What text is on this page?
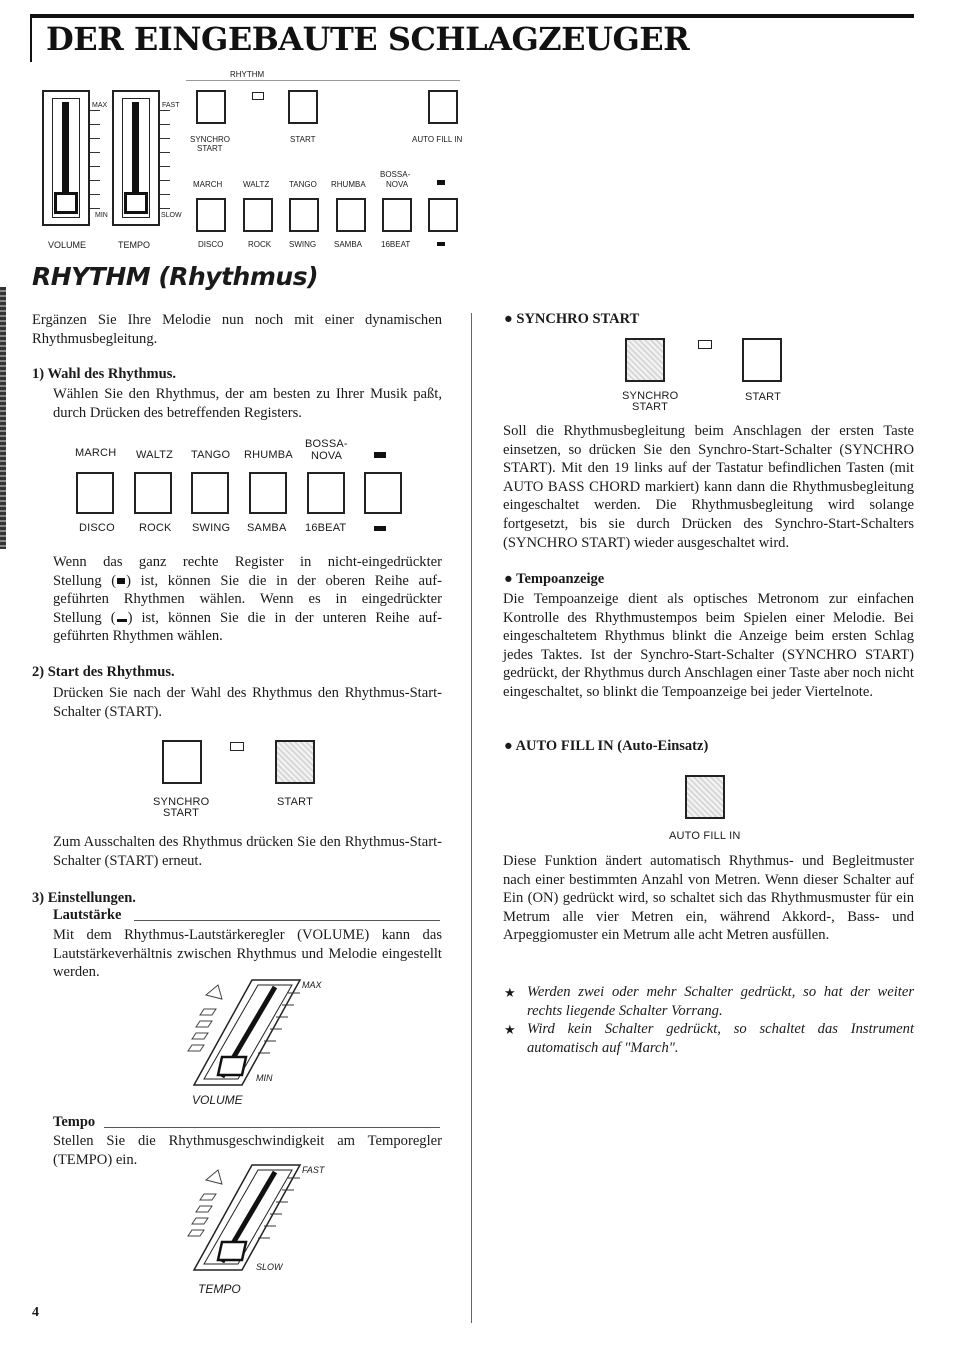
DER EINGEBAUTE SCHLAGZEUGER
RHYTHM
MAX
MIN
FAST
SLOW
VOLUME	TEMPO
SYNCHRO
START
START	AUTO FILL IN
MARCH	WALTZ TANGO RHUMBA
BOSSA-
NOVA
DISCO	ROCK SWING SAMBA 16BEAT
RHYTHM (Rhythmus)
Ergänzen Sie Ihre Melodie nun noch mit einer dynamischen Rhythmusbegleitung.
1) Wahl des Rhythmus.
Wählen Sie den Rhythmus, der am besten zu Ihrer Musik paßt, durch Drücken des betreffenden Registers.
MARCH WALTZ TANGO RHUMBA
BOSSA-
NOVA
DISCO ROCK SWING SAMBA 16BEAT

Wenn das ganz rechte Register in nicht-eingedrückter

Stellung ( ) ist, können Sie die in der oberen Reihe auf-

geführten Rhythmen wählen. Wenn es in eingedrückter

Stellung ( ) ist, können Sie die in der unteren Reihe auf-

geführten Rhythmen wählen.

2) Start des Rhythmus.
Drücken Sie nach der Wahl des Rhythmus den Rhythmus-Start-Schalter (START).
SYNCHRO
START
START
Zum Ausschalten des Rhythmus drücken Sie den Rhythmus-Start-Schalter (START) erneut.
3) Einstellungen.
Lautstärke
Mit dem Rhythmus-Lautstärkeregler (VOLUME) kann das Lautstärkeverhältnis zwischen Rhythmus und Melodie eingestellt werden.
MAX
MIN
VOLUME
Tempo
Stellen Sie die Rhythmusgeschwindigkeit am Temporegler (TEMPO) ein.
FAST
SLOW
TEMPO
● SYNCHRO START
SYNCHRO
START
START
Soll die Rhythmusbegleitung beim Anschlagen der ersten Taste einsetzen, so drücken Sie den Synchro-Start-Schalter (SYNCHRO START). Mit den 19 links auf der Tastatur befindlichen Tasten (mit AUTO BASS CHORD markiert) kann dann die Rhythmusbegleitung eingeschaltet werden. Die Rhythmusbegleitung wird solange fortgesetzt, bis sie durch Drücken des Synchro-Start-Schalters (SYNCHRO START) wieder ausgeschaltet wird.
● Tempoanzeige
Die Tempoanzeige dient als optisches Metronom zur einfachen Kontrolle des Rhythmustempos beim Spielen einer Melodie. Bei eingeschaltetem Rhythmus blinkt die Anzeige beim ersten Schlag jedes Taktes. Ist der Synchro-Start-Schalter (SYNCHRO START) gedrückt, der Rhythmus durch Anschlagen einer Taste aber noch nicht eingeschaltet, so blinkt die Tempoanzeige bei jeder Viertelnote.
● AUTO FILL IN (Auto-Einsatz)
AUTO FILL IN
Diese Funktion ändert automatisch Rhythmus- und Begleitmuster nach einer bestimmten Anzahl von Metren. Wenn dieser Schalter auf Ein (ON) gedrückt wird, so schaltet sich das Rhythmusmuster für ein Metrum alle vier Metren ein, während Akkord-, Bass- und Arpeggiomuster ein Metrum alle acht Metren ausfüllen.
★ Werden zwei oder mehr Schalter gedrückt, so hat der weiter rechts liegende Schalter Vorrang.
★ Wird kein Schalter gedrückt, so schaltet das Instrument automatisch auf "March".
4
